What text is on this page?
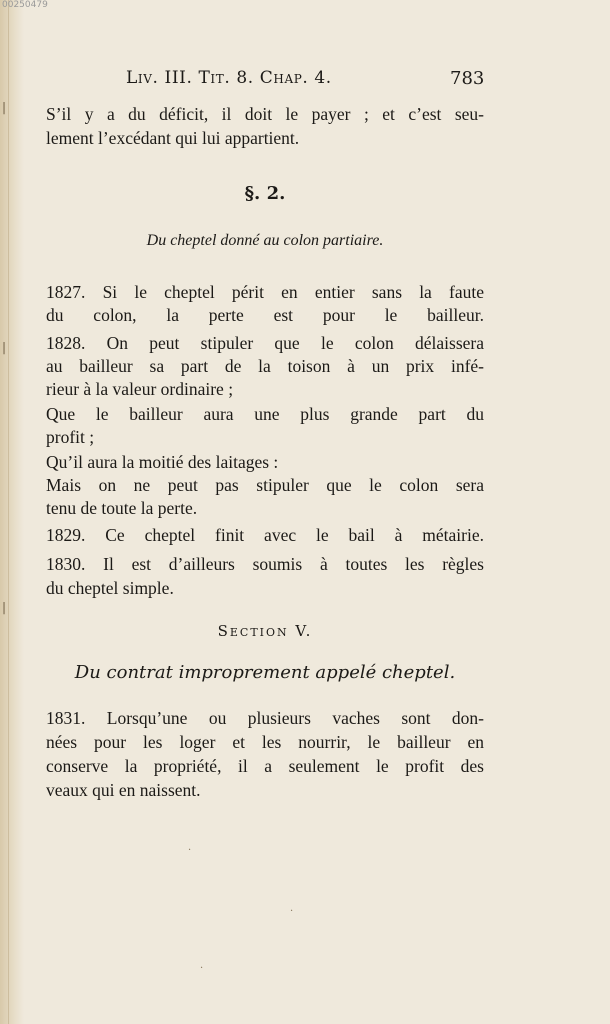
00250479
|
|
|
Liv. III. Tit. 8. Chap. 4.	783
S’il y a du déficit, il doit le payer ; et c’est seu-
lement l’excédant qui lui appartient.
§. 2.
Du cheptel donné au colon partiaire.
1827. Si le cheptel périt en entier sans la faute
du colon, la perte est pour le bailleur.
1828. On peut stipuler que le colon délaissera
au bailleur sa part de la toison à un prix infé-
rieur à la valeur ordinaire ;
Que le bailleur aura une plus grande part du
profit ;
Qu’il aura la moitié des laitages :
Mais on ne peut pas stipuler que le colon sera
tenu de toute la perte.
1829. Ce cheptel finit avec le bail à métairie.
1830. Il est d’ailleurs soumis à toutes les règles
du cheptel simple.
Section V.
Du contrat improprement appelé cheptel.
1831. Lorsqu’une ou plusieurs vaches sont don-
nées pour les loger et les nourrir, le bailleur en
conserve la propriété, il a seulement le profit des
veaux qui en naissent.
·
·
·
